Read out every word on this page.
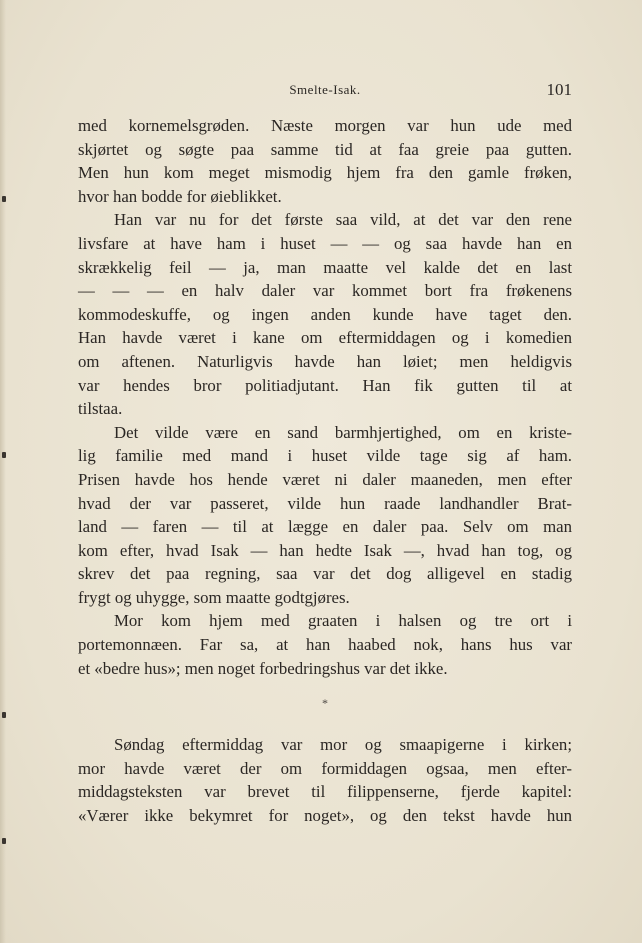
Smelte-Isak.	101
med kornemelsgrøden. Næste morgen var hun ude med
skjørtet og søgte paa samme tid at faa greie paa gutten.
Men hun kom meget mismodig hjem fra den gamle frøken,
hvor han bodde for øieblikket.
Han var nu for det første saa vild, at det var den rene
livsfare at have ham i huset — — og saa havde han en
skrækkelig feil — ja, man maatte vel kalde det en last
— — — en halv daler var kommet bort fra frøkenens
kommodeskuffe, og ingen anden kunde have taget den.
Han havde været i kane om eftermiddagen og i komedien
om aftenen. Naturligvis havde han løiet; men heldigvis
var hendes bror politiadjutant. Han fik gutten til at
tilstaa.
Det vilde være en sand barmhjertighed, om en kriste-
lig familie med mand i huset vilde tage sig af ham.
Prisen havde hos hende været ni daler maaneden, men efter
hvad der var passeret, vilde hun raade landhandler Brat-
land — faren — til at lægge en daler paa. Selv om man
kom efter, hvad Isak — han hedte Isak —, hvad han tog, og
skrev det paa regning, saa var det dog alligevel en stadig
frygt og uhygge, som maatte godtgjøres.
Mor kom hjem med graaten i halsen og tre ort i
portemonnæen. Far sa, at han haabed nok, hans hus var
et «bedre hus»; men noget forbedringshus var det ikke.
*
Søndag eftermiddag var mor og smaapigerne i kirken;
mor havde været der om formiddagen ogsaa, men efter-
middagsteksten var brevet til filippenserne, fjerde kapitel:
«Værer ikke bekymret for noget», og den tekst havde hun
